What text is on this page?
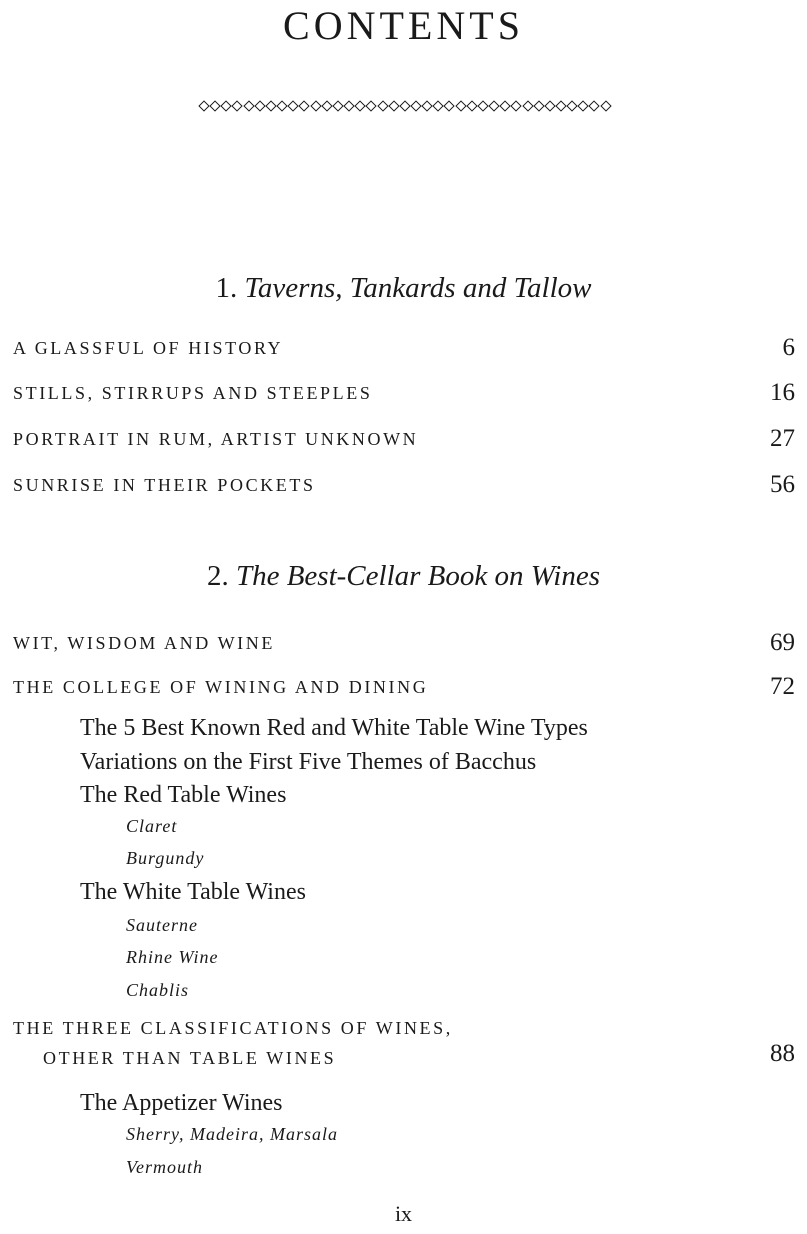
CONTENTS
1. Taverns, Tankards and Tallow
A GLASSFUL OF HISTORY	6
STILLS, STIRRUPS AND STEEPLES	16
PORTRAIT IN RUM, ARTIST UNKNOWN	27
SUNRISE IN THEIR POCKETS	56
2. The Best-Cellar Book on Wines
WIT, WISDOM AND WINE	69
THE COLLEGE OF WINING AND DINING	72
The 5 Best Known Red and White Table Wine Types
Variations on the First Five Themes of Bacchus
The Red Table Wines
Claret
Burgundy
The White Table Wines
Sauterne
Rhine Wine
Chablis
THE THREE CLASSIFICATIONS OF WINES,
OTHER THAN TABLE WINES	88
The Appetizer Wines
Sherry, Madeira, Marsala
Vermouth
ix
